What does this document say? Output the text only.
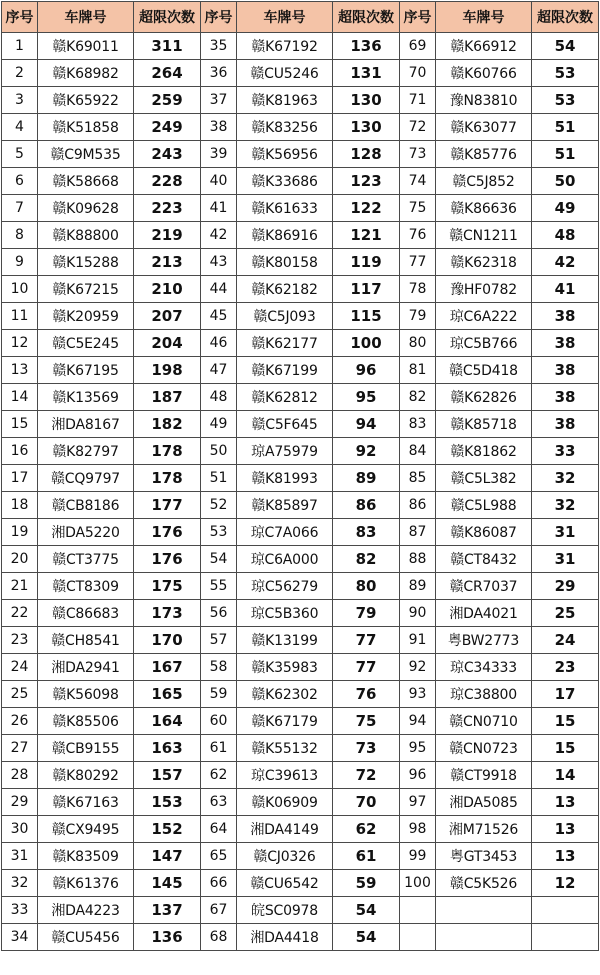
序号	车牌号	超限次数	序号	车牌号	超限次数	序号	车牌号	超限次数
1	赣K69011	311	35	赣K67192	136	69	赣K66912	54
2	赣K68982	264	36	赣CU5246	131	70	赣K60766	53
3	赣K65922	259	37	赣K81963	130	71	豫N83810	53
4	赣K51858	249	38	赣K83256	130	72	赣K63077	51
5	赣C9M535	243	39	赣K56956	128	73	赣K85776	51
6	赣K58668	228	40	赣K33686	123	74	赣C5J852	50
7	赣K09628	223	41	赣K61633	122	75	赣K86636	49
8	赣K88800	219	42	赣K86916	121	76	赣CN1211	48
9	赣K15288	213	43	赣K80158	119	77	赣K62318	42
10	赣K67215	210	44	赣K62182	117	78	豫HF0782	41
11	赣K20959	207	45	赣C5J093	115	79	琼C6A222	38
12	赣C5E245	204	46	赣K62177	100	80	琼C5B766	38
13	赣K67195	198	47	赣K67199	96	81	赣C5D418	38
14	赣K13569	187	48	赣K62812	95	82	赣K62826	38
15	湘DA8167	182	49	赣C5F645	94	83	赣K85718	38
16	赣K82797	178	50	琼A75979	92	84	赣K81862	33
17	赣CQ9797	178	51	赣K81993	89	85	赣C5L382	32
18	赣CB8186	177	52	赣K85897	86	86	赣C5L988	32
19	湘DA5220	176	53	琼C7A066	83	87	赣K86087	31
20	赣CT3775	176	54	琼C6A000	82	88	赣CT8432	31
21	赣CT8309	175	55	琼C56279	80	89	赣CR7037	29
22	赣C86683	173	56	琼C5B360	79	90	湘DA4021	25
23	赣CH8541	170	57	赣K13199	77	91	粤BW2773	24
24	湘DA2941	167	58	赣K35983	77	92	琼C34333	23
25	赣K56098	165	59	赣K62302	76	93	琼C38800	17
26	赣K85506	164	60	赣K67179	75	94	赣CN0710	15
27	赣CB9155	163	61	赣K55132	73	95	赣CN0723	15
28	赣K80292	157	62	琼C39613	72	96	赣CT9918	14
29	赣K67163	153	63	赣K06909	70	97	湘DA5085	13
30	赣CX9495	152	64	湘DA4149	62	98	湘M71526	13
31	赣K83509	147	65	赣CJ0326	61	99	粤GT3453	13
32	赣K61376	145	66	赣CU6542	59	100	赣C5K526	12
33	湘DA4223	137	67	皖SC0978	54			
34	赣CU5456	136	68	湘DA4418	54			
